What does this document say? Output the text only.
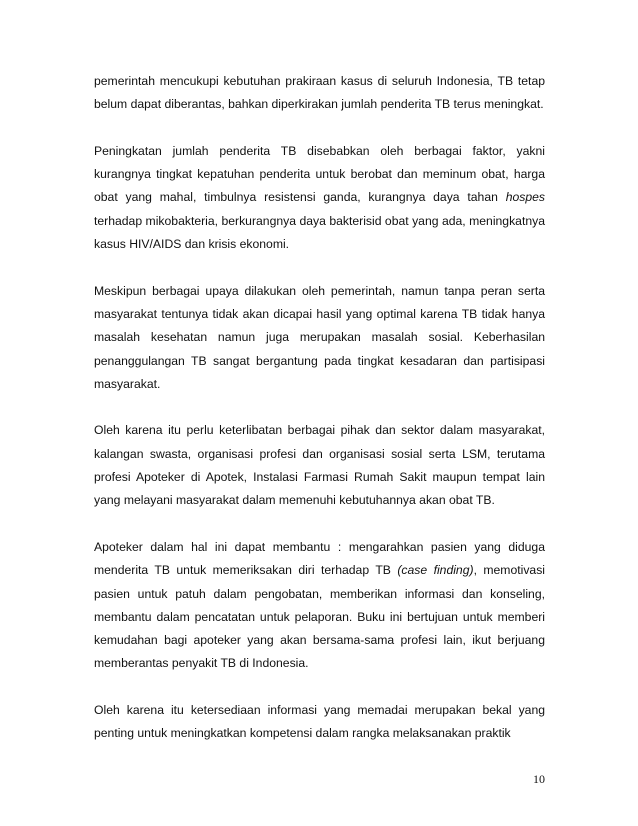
pemerintah mencukupi kebutuhan prakiraan kasus di seluruh Indonesia, TB tetap belum dapat diberantas, bahkan diperkirakan jumlah penderita TB terus meningkat.

Peningkatan jumlah penderita TB disebabkan oleh berbagai faktor, yakni kurangnya tingkat kepatuhan penderita untuk berobat dan meminum obat, harga obat yang mahal, timbulnya resistensi ganda, kurangnya daya tahan hospes terhadap mikobakteria, berkurangnya daya bakterisid obat yang ada, meningkatnya kasus HIV/AIDS dan krisis ekonomi.

Meskipun berbagai upaya dilakukan oleh pemerintah, namun tanpa peran serta masyarakat tentunya tidak akan dicapai hasil yang optimal karena TB tidak hanya masalah kesehatan namun juga merupakan masalah sosial. Keberhasilan penanggulangan TB sangat bergantung pada tingkat kesadaran dan partisipasi masyarakat.

Oleh karena itu perlu keterlibatan berbagai pihak dan sektor dalam masyarakat, kalangan swasta, organisasi profesi dan organisasi sosial serta LSM, terutama profesi Apoteker di Apotek, Instalasi Farmasi Rumah Sakit maupun tempat lain yang melayani masyarakat dalam memenuhi kebutuhannya akan obat TB.

Apoteker dalam hal ini dapat membantu : mengarahkan pasien yang diduga menderita TB untuk memeriksakan diri terhadap TB (case finding), memotivasi pasien untuk patuh dalam pengobatan, memberikan informasi dan konseling, membantu dalam pencatatan untuk pelaporan. Buku ini bertujuan untuk memberi kemudahan bagi apoteker yang akan bersama-sama profesi lain, ikut berjuang memberantas penyakit TB di Indonesia.

Oleh karena itu ketersediaan informasi yang memadai merupakan bekal yang penting untuk meningkatkan kompetensi dalam rangka melaksanakan praktik

10
